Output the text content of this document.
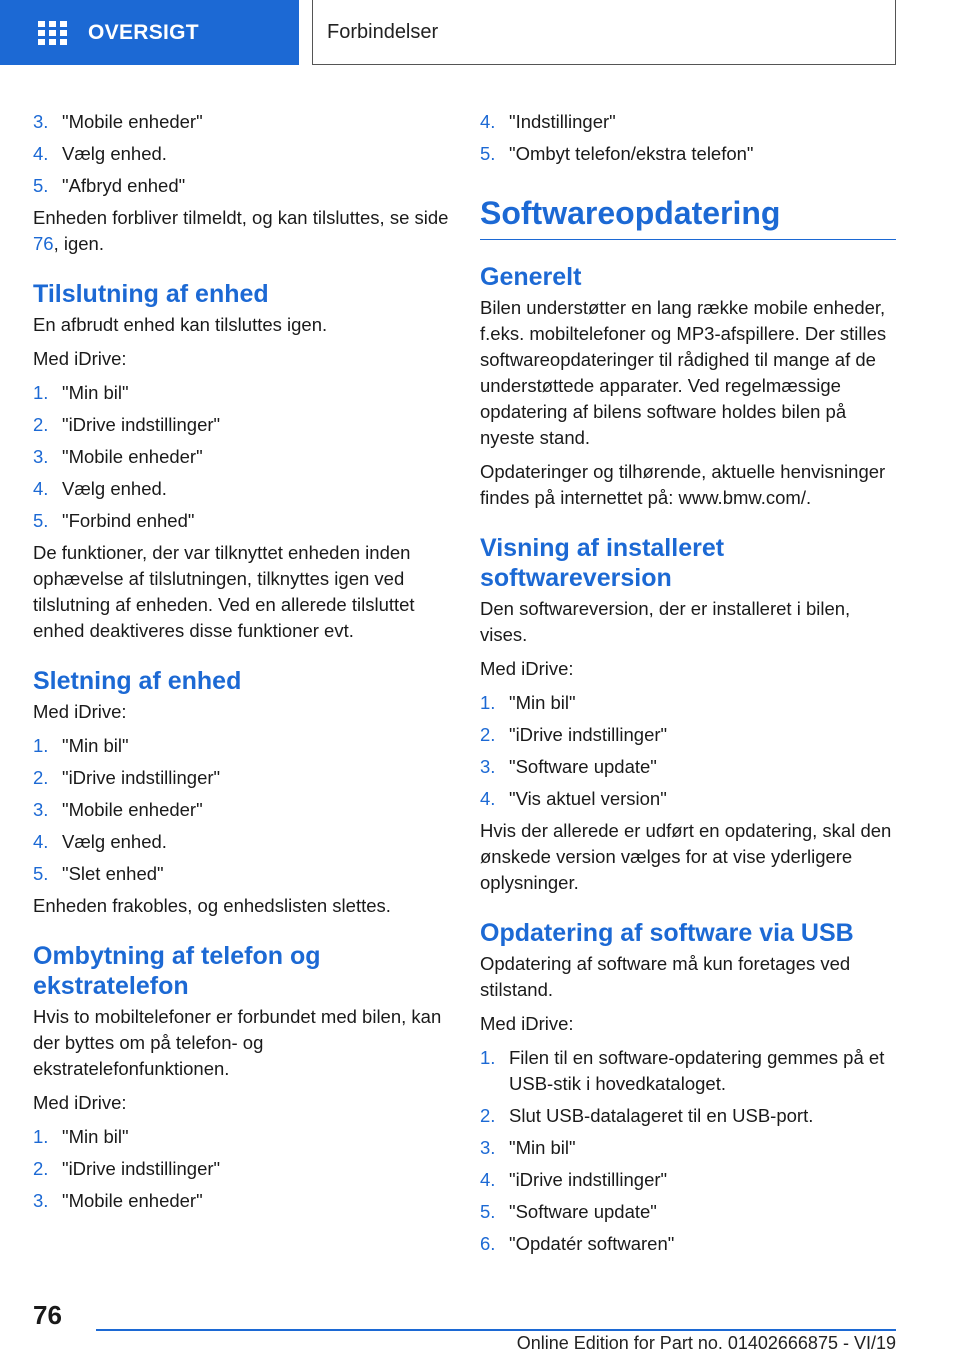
OVERSIGT	Forbindelser
3. "Mobile enheder"
4. Vælg enhed.
5. "Afbryd enhed"

Enheden forbliver tilmeldt, og kan tilsluttes, se side 76, igen.

Tilslutning af enhed

En afbrudt enhed kan tilsluttes igen.

Med iDrive:

1. "Min bil"
2. "iDrive indstillinger"
3. "Mobile enheder"
4. Vælg enhed.
5. "Forbind enhed"

De funktioner, der var tilknyttet enheden inden ophævelse af tilslutningen, tilknyttes igen ved tilslutning af enheden. Ved en allerede tilsluttet enhed deaktiveres disse funktioner evt.

Sletning af enhed

Med iDrive:

1. "Min bil"
2. "iDrive indstillinger"
3. "Mobile enheder"
4. Vælg enhed.
5. "Slet enhed"

Enheden frakobles, og enhedslisten slettes.

Ombytning af telefon og ekstratelefon

Hvis to mobiltelefoner er forbundet med bilen, kan der byttes om på telefon- og ekstratelefonfunktionen.

Med iDrive:

1. "Min bil"
2. "iDrive indstillinger"
3. "Mobile enheder"
4. "Indstillinger"
5. "Ombyt telefon/ekstra telefon"
Softwareopdatering
Generelt

Bilen understøtter en lang række mobile enheder, f.eks. mobiltelefoner og MP3-afspillere. Der stilles softwareopdateringer til rådighed til mange af de understøttede apparater. Ved regelmæssige opdatering af bilens software holdes bilen på nyeste stand.

Opdateringer og tilhørende, aktuelle henvisninger findes på internettet på: www.bmw.com/.

Visning af installeret softwareversion

Den softwareversion, der er installeret i bilen, vises.

Med iDrive:

1. "Min bil"
2. "iDrive indstillinger"
3. "Software update"
4. "Vis aktuel version"

Hvis der allerede er udført en opdatering, skal den ønskede version vælges for at vise yderligere oplysninger.

Opdatering af software via USB

Opdatering af software må kun foretages ved stilstand.

Med iDrive:

1. Filen til en software-opdatering gemmes på et USB-stik i hovedkataloget.
2. Slut USB-datalageret til en USB-port.
3. "Min bil"
4. "iDrive indstillinger"
5. "Software update"
6. "Opdatér softwaren"
76
Online Edition for Part no. 01402666875 - VI/19
